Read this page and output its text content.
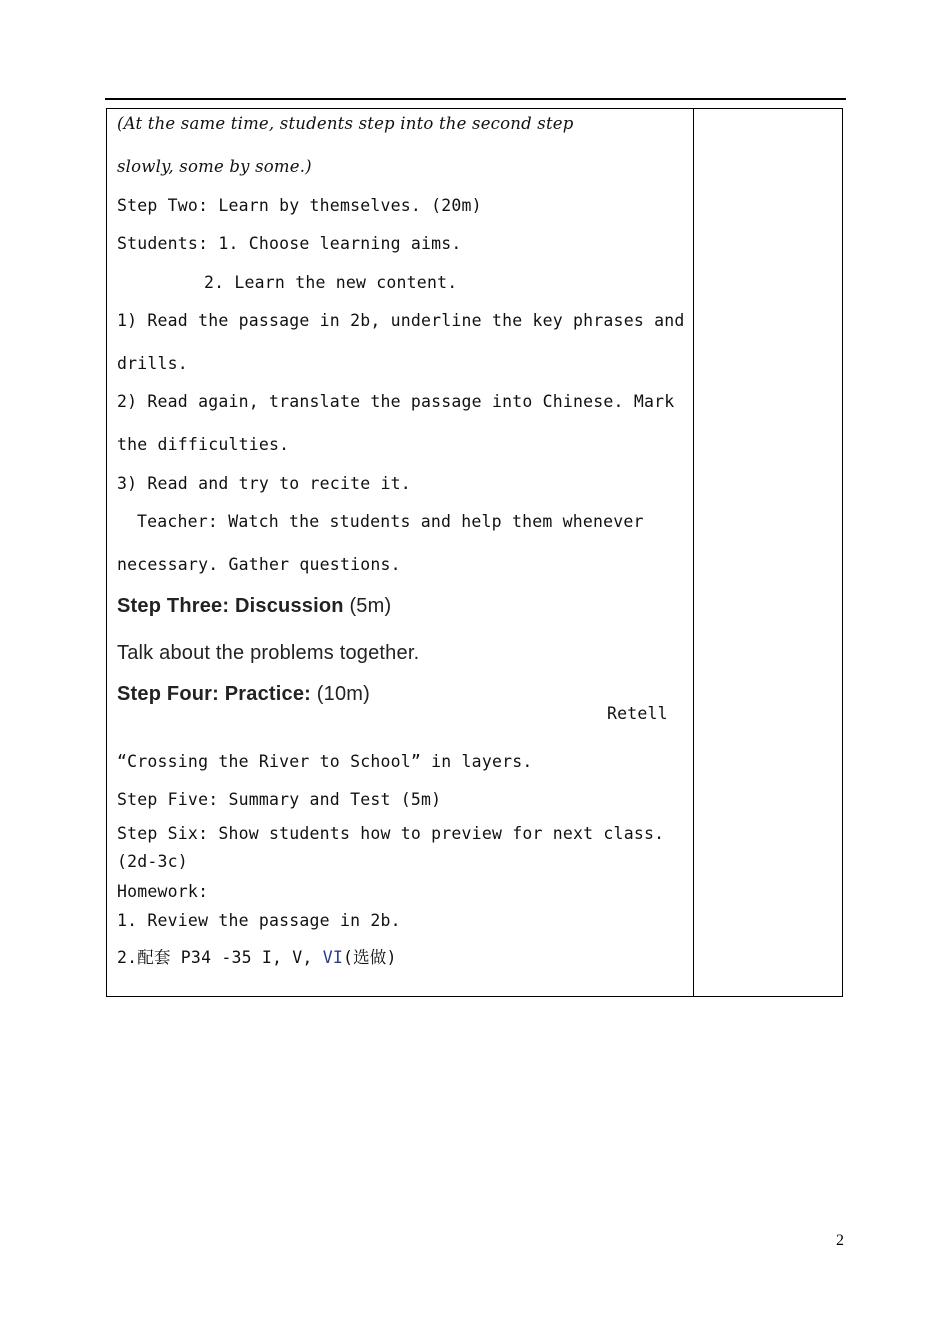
(At the same time, students step into the second step
slowly, some by some.)
Step Two: Learn by themselves. (20m)
Students: 1. Choose learning aims.
2. Learn the new content.
1) Read the passage in 2b, underline the key phrases and
drills.
2) Read again, translate the passage into Chinese. Mark
the difficulties.
3) Read and try to recite it.
Teacher: Watch the students and help them whenever
necessary. Gather questions.
Step Three: Discussion (5m)
Talk about the problems together.
Step Four: Practice: (10m)
Retell
“Crossing the River to School” in layers.
Step Five: Summary and Test (5m)
Step Six: Show students how to preview for next class.
(2d-3c)
Homework:
1. Review the passage in 2b.
2.配套 P34 -35 I, V, VI(选做)
2
